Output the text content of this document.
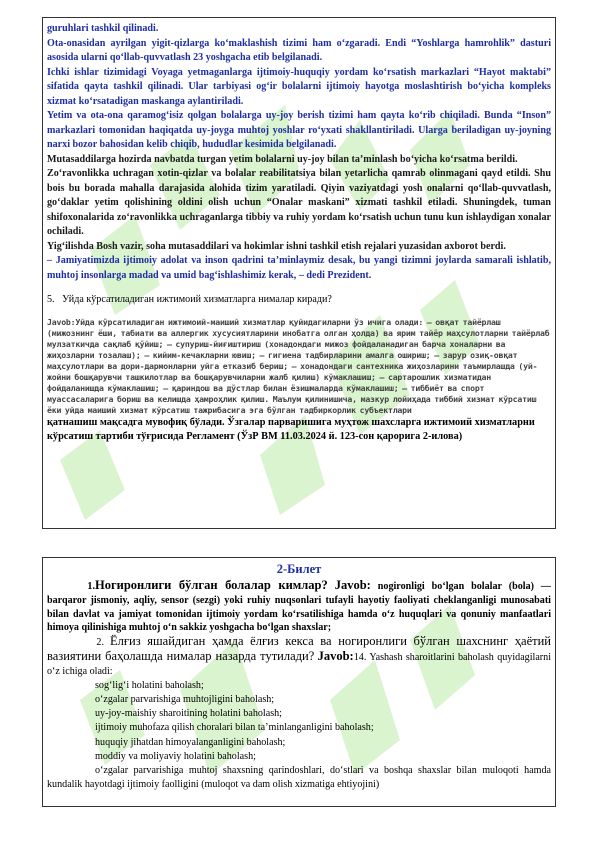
guruhlari tashkil qilinadi.

Ota-onasidan ayrilgan yigit-qizlarga ko‘maklashish tizimi ham o‘zgaradi. Endi “Yoshlarga hamrohlik” dasturi asosida ularni qo‘llab-quvvatlash 23 yoshgacha etib belgilanadi.

Ichki ishlar tizimidagi Voyaga yetmaganlarga ijtimoiy-huquqiy yordam ko‘rsatish markazlari “Hayot maktabi” sifatida qayta tashkil qilinadi. Ular tarbiyasi og‘ir bolalarni ijtimoiy hayotga moslashtirish bo‘yicha kompleks xizmat ko‘rsatadigan maskanga aylantiriladi.

Yetim va ota-ona qaramog‘isiz qolgan bolalarga uy-joy berish tizimi ham qayta ko‘rib chiqiladi. Bunda “Inson” markazlari tomonidan haqiqatda uy-joyga muhtoj yoshlar ro‘yxati shakllantiriladi. Ularga beriladigan uy-joyning narxi bozor bahosidan kelib chiqib, hududlar kesimida belgilanadi.

Mutasaddilarga hozirda navbatda turgan yetim bolalarni uy-joy bilan ta’minlash bo‘yicha ko‘rsatma berildi.

Zo‘ravonlikka uchragan xotin-qizlar va bolalar reabilitatsiya bilan yetarlicha qamrab olinmagani qayd etildi. Shu bois bu borada mahalla darajasida alohida tizim yaratiladi. Qiyin vaziyatdagi yosh onalarni qo‘llab-quvvatlash, go‘daklar yetim qolishining oldini olish uchun “Onalar maskani” xizmati tashkil etiladi. Shuningdek, tuman shifoxonalarida zo‘ravonlikka uchraganlarga tibbiy va ruhiy yordam ko‘rsatish uchun tunu kun ishlaydigan xonalar ochiladi.

Yig‘ilishda Bosh vazir, soha mutasaddilari va hokimlar ishni tashkil etish rejalari yuzasidan axborot berdi.

– Jamiyatimizda ijtimoiy adolat va inson qadrini ta’minlaymiz desak, bu yangi tizimni joylarda samarali ishlatib, muhtoj insonlarga madad va umid bag‘ishlashimiz kerak, – dedi Prezident.

5. Уйда кўрсатиладиган ижтимоий хизматларга нималар киради?

Javob:Уйда кўрсатиладиган ижтимоий-маиший хизматлар қуйидагиларни ўз ичига олади: – овқат тайёрлаш (мижознинг ёши, табиати ва аллергик хусусиятларини инобатга олган ҳолда) ва ярим тайёр маҳсулотларни тайёрлаб мулзаткичда сақлаб қўйиш; – супуриш-йиғиштириш (хонадондаги мижоз фойдаланадиган барча хоналарни ва жиҳозларни тозалаш); – кийим-кечакларни ювиш; – гигиена тадбирларини амалга ошириш; – зарур озиқ-овқат маҳсулотлари ва дори-дармонларни уйга етказиб бериш; – хонадондаги сантехника жиҳозларини таъмирлашда (уй-жойни бошқарувчи ташкилотлар ва бошқарувчиларни жалб қилиш) кўмаклашиш; – сартарошлик хизматидан фойдаланишда кўмаклашиш; – қариндош ва дўстлар билан ёзишмаларда кўмаклашиш; – тиббиёт ва спорт муассасаларига бориш ва келишда ҳамроҳлик қилиш. Маълум қилинишича, мазкур лойиҳада тиббий хизмат кўрсатиш ёки уйда маиший хизмат кўрсатиш тажрибасига эга бўлган тадбиркорлик субъектлари

қатнашиш мақсадга мувофиқ бўлади. Ўзгалар парваришига муҳтож шахсларга ижтимоий хизматларни кўрсатиш тартиби тўғрисида Регламент (ЎзР ВМ 11.03.2024 й. 123-сон қарорига 2-илова)

2-Билет

1.Ногиронлиги бўлган болалар кимлар? Javob: nogironligi bo‘lgan bolalar (bola) — barqaror jismoniy, aqliy, sensor (sezgi) yoki ruhiy nuqsonlari tufayli hayotiy faoliyati cheklanganligi munosabati bilan davlat va jamiyat tomonidan ijtimoiy yordam ko‘rsatilishiga hamda o‘z huquqlari va qonuniy manfaatlari himoya qilinishiga muhtoj o‘n sakkiz yoshgacha bo‘lgan shaxslar;

2. Ёлғиз яшайдиган ҳамда ёлғиз кекса ва ногиронлиги бўлган шахснинг ҳаётий вазиятини баҳолашда нималар назарда тутилади? Javob:14. Yashash sharoitlarini baholash quyidagilarni o‘z ichiga oladi:

sog‘lig‘i holatini baholash;
o‘zgalar parvarishiga muhtojligini baholash;
uy-joy-maishiy sharoitining holatini baholash;
ijtimoiy muhofaza qilish choralari bilan ta’minlanganligini baholash;
huquqiy jihatdan himoyalanganligini baholash;
moddiy va moliyaviy holatini baholash;

o‘zgalar parvarishiga muhtoj shaxsning qarindoshlari, do‘stlari va boshqa shaxslar bilan muloqoti hamda kundalik hayotdagi ijtimoiy faolligini (muloqot va dam olish xizmatiga ehtiyojini)
